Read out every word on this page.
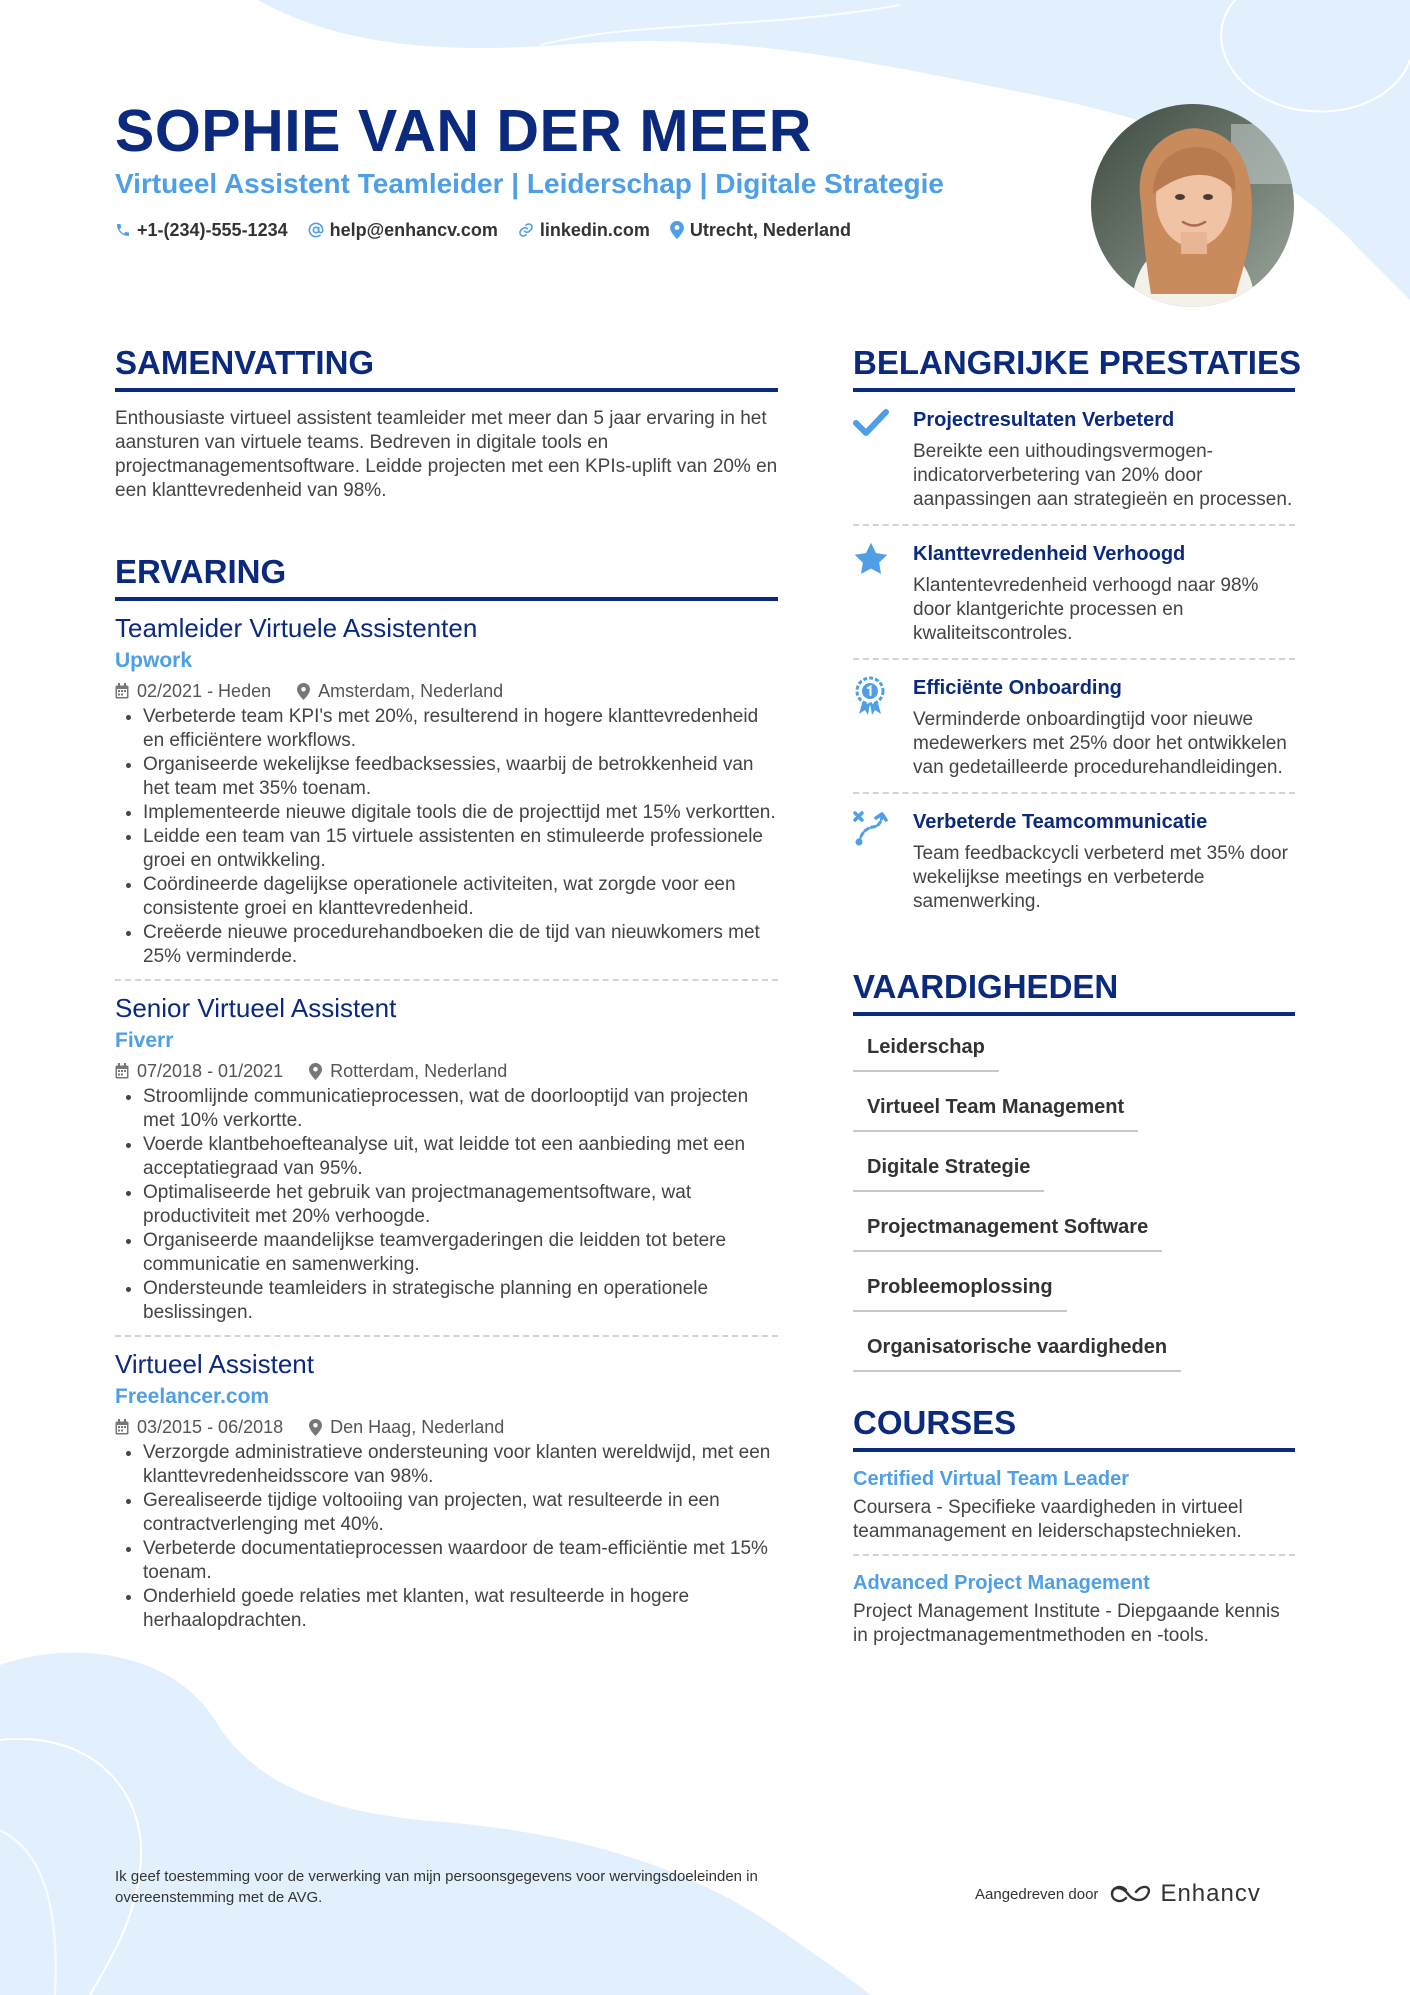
SOPHIE VAN DER MEER
Virtueel Assistent Teamleider | Leiderschap | Digitale Strategie
+1-(234)-555-1234 help@enhancv.com linkedin.com Utrecht, Nederland
SAMENVATTING

Enthousiaste virtueel assistent teamleider met meer dan 5 jaar ervaring in het aansturen van virtuele teams. Bedreven in digitale tools en projectmanagementsoftware. Leidde projecten met een KPIs-uplift van 20% en een klanttevredenheid van 98%.

ERVARING
Teamleider Virtuele Assistenten
Upwork
02/2021 - Heden	Amsterdam, Nederland
• Verbeterde team KPI's met 20%, resulterend in hogere klanttevredenheid en efficiëntere workflows.
• Organiseerde wekelijkse feedbacksessies, waarbij de betrokkenheid van het team met 35% toenam.
• Implementeerde nieuwe digitale tools die de projecttijd met 15% verkortten.
• Leidde een team van 15 virtuele assistenten en stimuleerde professionele groei en ontwikkeling.
• Coördineerde dagelijkse operationele activiteiten, wat zorgde voor een consistente groei en klanttevredenheid.
• Creëerde nieuwe procedurehandboeken die de tijd van nieuwkomers met 25% verminderde.
Senior Virtueel Assistent
Fiverr
07/2018 - 01/2021	Rotterdam, Nederland
• Stroomlijnde communicatieprocessen, wat de doorlooptijd van projecten met 10% verkortte.
• Voerde klantbehoefteanalyse uit, wat leidde tot een aanbieding met een acceptatiegraad van 95%.
• Optimaliseerde het gebruik van projectmanagementsoftware, wat productiviteit met 20% verhoogde.
• Organiseerde maandelijkse teamvergaderingen die leidden tot betere communicatie en samenwerking.
• Ondersteunde teamleiders in strategische planning en operationele beslissingen.
Virtueel Assistent
Freelancer.com
03/2015 - 06/2018	Den Haag, Nederland
• Verzorgde administratieve ondersteuning voor klanten wereldwijd, met een klanttevredenheidsscore van 98%.
• Gerealiseerde tijdige voltooiing van projecten, wat resulteerde in een contractverlenging met 40%.
• Verbeterde documentatieprocessen waardoor de team-efficiëntie met 15% toenam.
• Onderhield goede relaties met klanten, wat resulteerde in hogere herhaalopdrachten.
BELANGRIJKE PRESTATIES
Projectresultaten Verbeterd
Bereikte een uithoudingsvermogen-indicatorverbetering van 20% door aanpassingen aan strategieën en processen.
Klanttevredenheid Verhoogd
Klantentevredenheid verhoogd naar 98% door klantgerichte processen en kwaliteitscontroles.
Efficiënte Onboarding
Verminderde onboardingtijd voor nieuwe medewerkers met 25% door het ontwikkelen van gedetailleerde procedurehandleidingen.
Verbeterde Teamcommunicatie
Team feedbackcycli verbeterd met 35% door wekelijkse meetings en verbeterde samenwerking.
VAARDIGHEDEN
Leiderschap
Virtueel Team Management
Digitale Strategie
Projectmanagement Software
Probleemoplossing
Organisatorische vaardigheden
COURSES
Certified Virtual Team Leader
Coursera - Specifieke vaardigheden in virtueel teammanagement en leiderschapstechnieken.
Advanced Project Management
Project Management Institute - Diepgaande kennis in projectmanagementmethoden en -tools.
Ik geef toestemming voor de verwerking van mijn persoonsgegevens voor wervingsdoeleinden in overeenstemming met de AVG.	Aangedreven door	Enhancv
